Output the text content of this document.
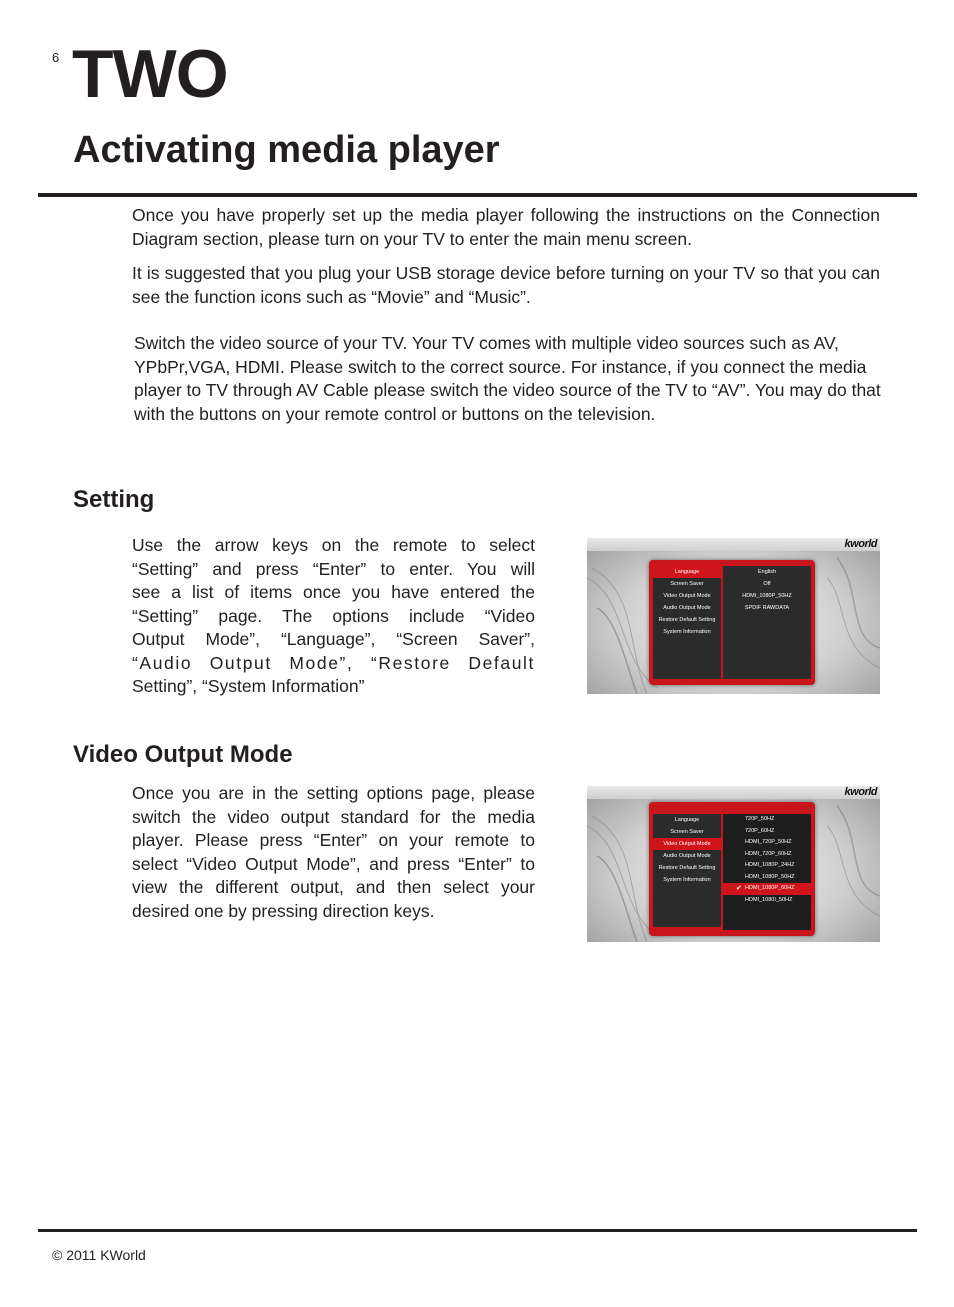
6 TWO
Activating media player

Once you have properly set up the media player following the instructions on the Connection Diagram section, please turn on your TV to enter the main menu screen.

It is suggested that you plug your USB storage device before turning on your TV so that you can see the function icons such as “Movie” and “Music”.

Switch the video source of your TV. Your TV comes with multiple video sources such as AV, YPbPr,VGA, HDMI. Please switch to the correct source. For instance, if you connect the media player to TV through AV Cable please switch the video source of the TV to “AV”. You may do that with the buttons on your remote control or buttons on the television.

Setting

Use the arrow keys on the remote to select

“Setting” and press “Enter” to enter. You will

see a list of items once you have entered the

“Setting” page. The options include “Video

Output Mode”, “Language”, “Screen Saver”,

“Audio Output Mode”, “Restore Default

Setting”, “System Information”

kworld
Language
Screen Saver
Video Output Mode
Audio Output Mode
Restore Default Setting
System Information
English
Off
HDMI_1080P_50HZ
SPDIF RAWDATA
Video Output Mode

Once you are in the setting options page, please switch the video output standard for the media player. Please press “Enter” on your remote to select “Video Output Mode”, and press “Enter” to view the different output, and then select your desired one by pressing direction keys.

kworld
Language
Screen Saver
Video Output Mode
Audio Output Mode
Restore Default Setting
System Information
720P_50HZ
720P_60HZ
HDMI_720P_50HZ
HDMI_720P_60HZ
HDMI_1080P_24HZ
HDMI_1080P_50HZ
✔ HDMI_1080P_60HZ
HDMI_1080I_50HZ
© 2011 KWorld
